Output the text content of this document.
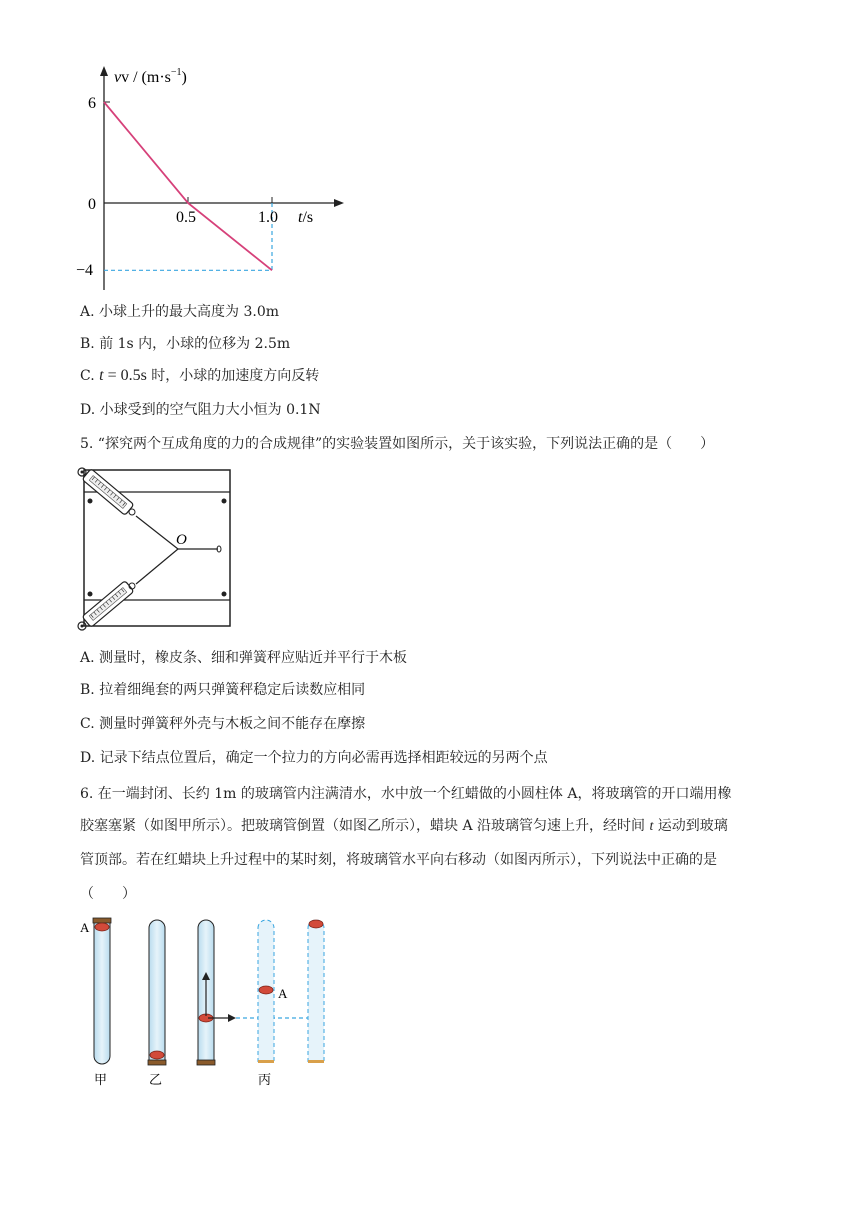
vv / $(m\cdot s^{-1})$
6
0
−4
0.5	1.0 t/s
A. 小球上升的最大高度为 3.0m
B. 前 1s 内，小球的位移为 2.5m
C. t = 0.5s 时，小球的加速度方向反转
D. 小球受到的空气阻力大小恒为 0.1N
5. “探究两个互成角度的力的合成规律”的实验装置如图所示，关于该实验，下列说法正确的是（　　）
O
A. 测量时，橡皮条、细和弹簧秤应贴近并平行于木板
B. 拉着细绳套的两只弹簧秤稳定后读数应相同
C. 测量时弹簧秤外壳与木板之间不能存在摩擦
D. 记录下结点位置后，确定一个拉力的方向必需再选择相距较远的另两个点
6. 在一端封闭、长约 1m 的玻璃管内注满清水，水中放一个红蜡做的小圆柱体 A，将玻璃管的开口端用橡
胶塞塞紧（如图甲所示）。把玻璃管倒置（如图乙所示），蜡块 A 沿玻璃管匀速上升，经时间 t 运动到玻璃
管顶部。若在红蜡块上升过程中的某时刻，将玻璃管水平向右移动（如图丙所示），下列说法中正确的是
（　　）
A
A
甲	乙	丙
